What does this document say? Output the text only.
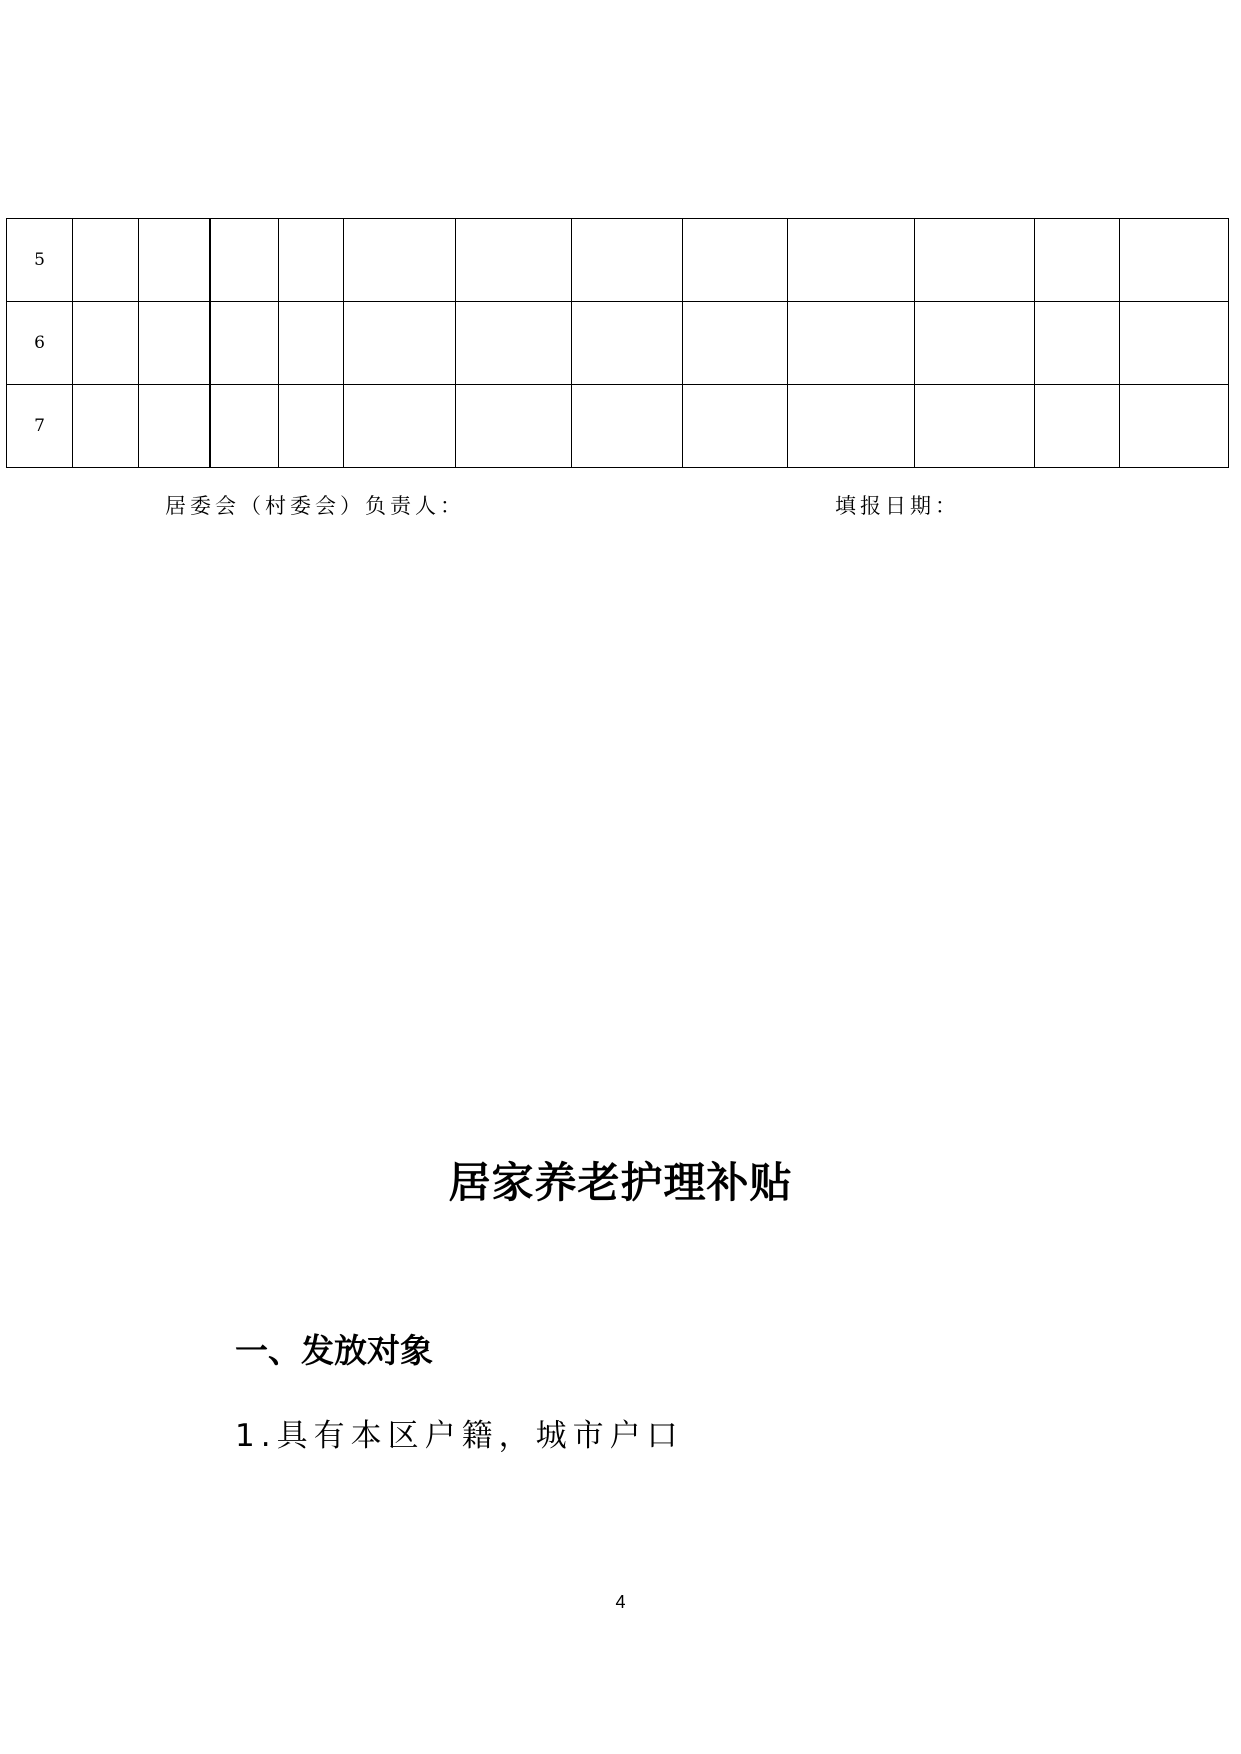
5												
6												
7												
居委会（村委会）负责人：	填报日期：
居家养老护理补贴
一、发放对象
1.具有本区户籍，城市户口
4
